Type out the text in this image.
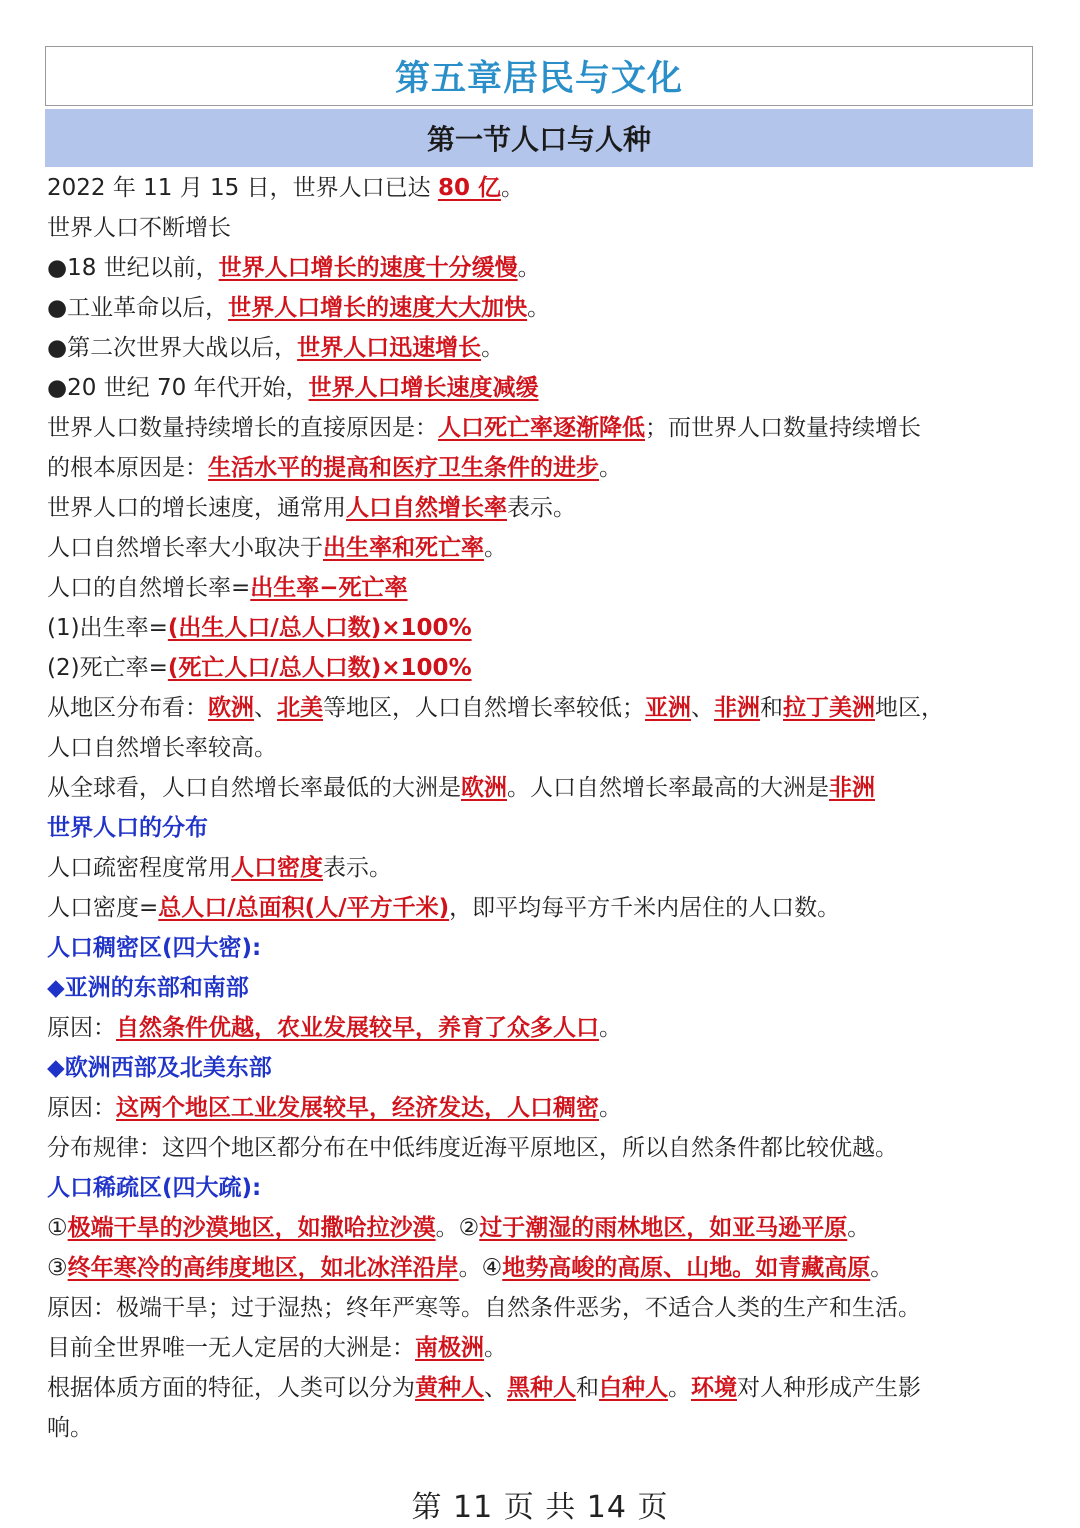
第五章居民与文化
第一节人口与人种
2022 年 11 月 15 日，世界人口已达 80 亿。
世界人口不断增长
●18 世纪以前，世界人口增长的速度十分缓慢。
●工业革命以后，世界人口增长的速度大大加快。
●第二次世界大战以后，世界人口迅速增长。
●20 世纪 70 年代开始，世界人口增长速度减缓
世界人口数量持续增长的直接原因是：人口死亡率逐渐降低；而世界人口数量持续增长
的根本原因是：生活水平的提高和医疗卫生条件的进步。
世界人口的增长速度，通常用人口自然增长率表示。
人口自然增长率大小取决于出生率和死亡率。
人口的自然增长率=出生率−死亡率
(1)出生率=(出生人口/总人口数)×100%
(2)死亡率=(死亡人口/总人口数)×100%
从地区分布看：欧洲、北美等地区，人口自然增长率较低；亚洲、非洲和拉丁美洲地区，
人口自然增长率较高。
从全球看，人口自然增长率最低的大洲是欧洲。人口自然增长率最高的大洲是非洲
世界人口的分布
人口疏密程度常用人口密度表示。
人口密度=总人口/总面积(人/平方千米)，即平均每平方千米内居住的人口数。
人口稠密区(四大密):
◆亚洲的东部和南部
原因：自然条件优越，农业发展较早，养育了众多人口。
◆欧洲西部及北美东部
原因：这两个地区工业发展较早，经济发达，人口稠密。
分布规律：这四个地区都分布在中低纬度近海平原地区，所以自然条件都比较优越。
人口稀疏区(四大疏):
①极端干旱的沙漠地区，如撒哈拉沙漠。②过于潮湿的雨林地区，如亚马逊平原。
③终年寒冷的高纬度地区，如北冰洋沿岸。④地势高峻的高原、山地。如青藏高原。
原因：极端干旱；过于湿热；终年严寒等。自然条件恶劣，不适合人类的生产和生活。
目前全世界唯一无人定居的大洲是：南极洲。
根据体质方面的特征，人类可以分为黄种人、黑种人和白种人。环境对人种形成产生影
响。
第 11 页 共 14 页
